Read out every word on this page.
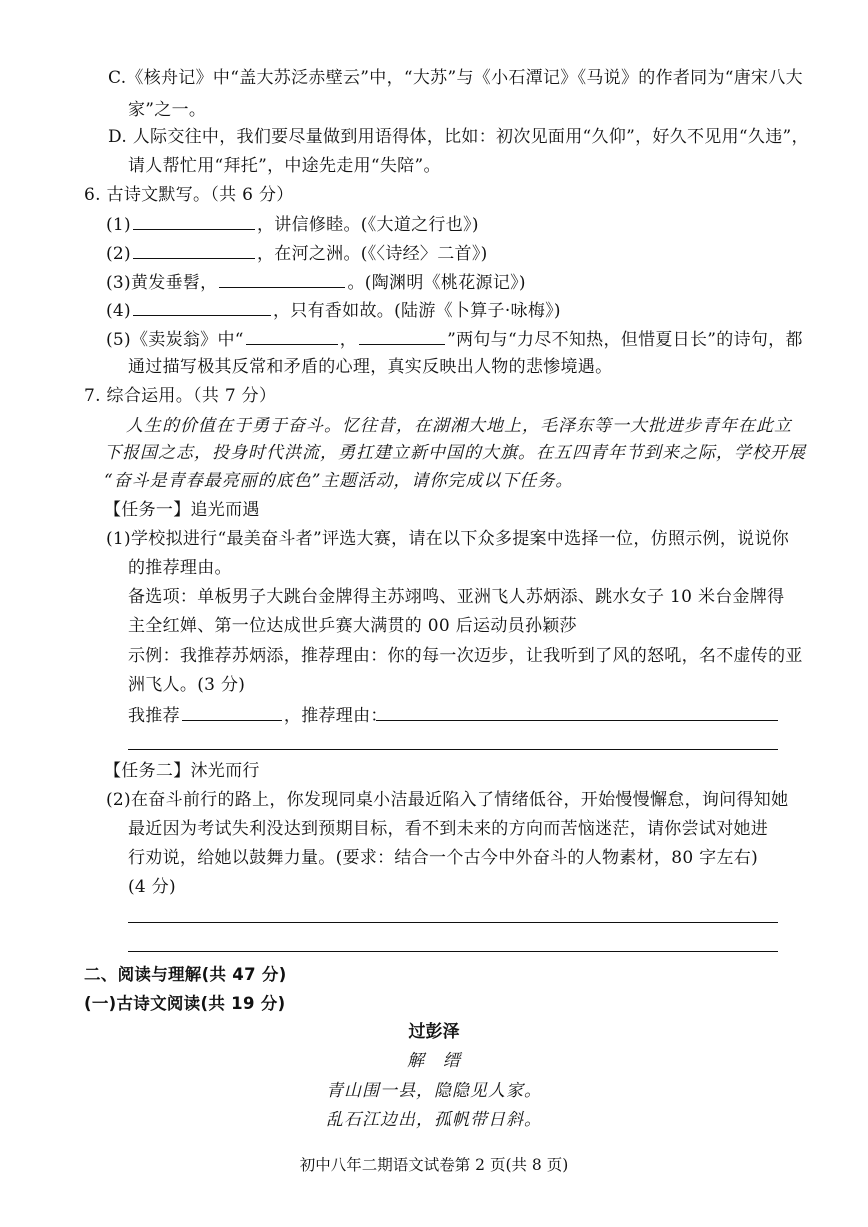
C.《核舟记》中“盖大苏泛赤壁云”中，“大苏”与《小石潭记》《马说》的作者同为“唐宋八大
家”之一。
D. 人际交往中，我们要尽量做到用语得体，比如：初次见面用“久仰”，好久不见用“久违”，
请人帮忙用“拜托”，中途先走用“失陪”。
6. 古诗文默写。（共 6 分）
(1)	，讲信修睦。(《大道之行也》)
(2)	，在河之洲。(《〈诗经〉二首》)
(3)黄发垂髫，	。(陶渊明《桃花源记》)
(4)	，只有香如故。(陆游《卜算子·咏梅》)
(5)《卖炭翁》中“	，	”两句与“力尽不知热，但惜夏日长”的诗句，都
通过描写极其反常和矛盾的心理，真实反映出人物的悲惨境遇。
7. 综合运用。（共 7 分）
人生的价值在于勇于奋斗。忆往昔，在湖湘大地上，毛泽东等一大批进步青年在此立
下报国之志，投身时代洪流，勇扛建立新中国的大旗。在五四青年节到来之际，学校开展
“奋斗是青春最亮丽的底色”主题活动，请你完成以下任务。
【任务一】追光而遇
(1)学校拟进行“最美奋斗者”评选大赛，请在以下众多提案中选择一位，仿照示例，说说你
的推荐理由。
备选项：单板男子大跳台金牌得主苏翊鸣、亚洲飞人苏炳添、跳水女子 10 米台金牌得
主全红婵、第一位达成世乒赛大满贯的 00 后运动员孙颖莎
示例：我推荐苏炳添，推荐理由：你的每一次迈步，让我听到了风的怒吼，名不虚传的亚
洲飞人。(3 分)
我推荐	，推荐理由：
【任务二】沐光而行
(2)在奋斗前行的路上，你发现同桌小洁最近陷入了情绪低谷，开始慢慢懈怠，询问得知她
最近因为考试失利没达到预期目标，看不到未来的方向而苦恼迷茫，请你尝试对她进
行劝说，给她以鼓舞力量。(要求：结合一个古今中外奋斗的人物素材，80 字左右)
(4 分)
二、阅读与理解(共 47 分)
(一)古诗文阅读(共 19 分)
过彭泽
解　缙
青山围一县，隐隐见人家。
乱石江边出，孤帆带日斜。
初中八年二期语文试卷第 2 页(共 8 页)
